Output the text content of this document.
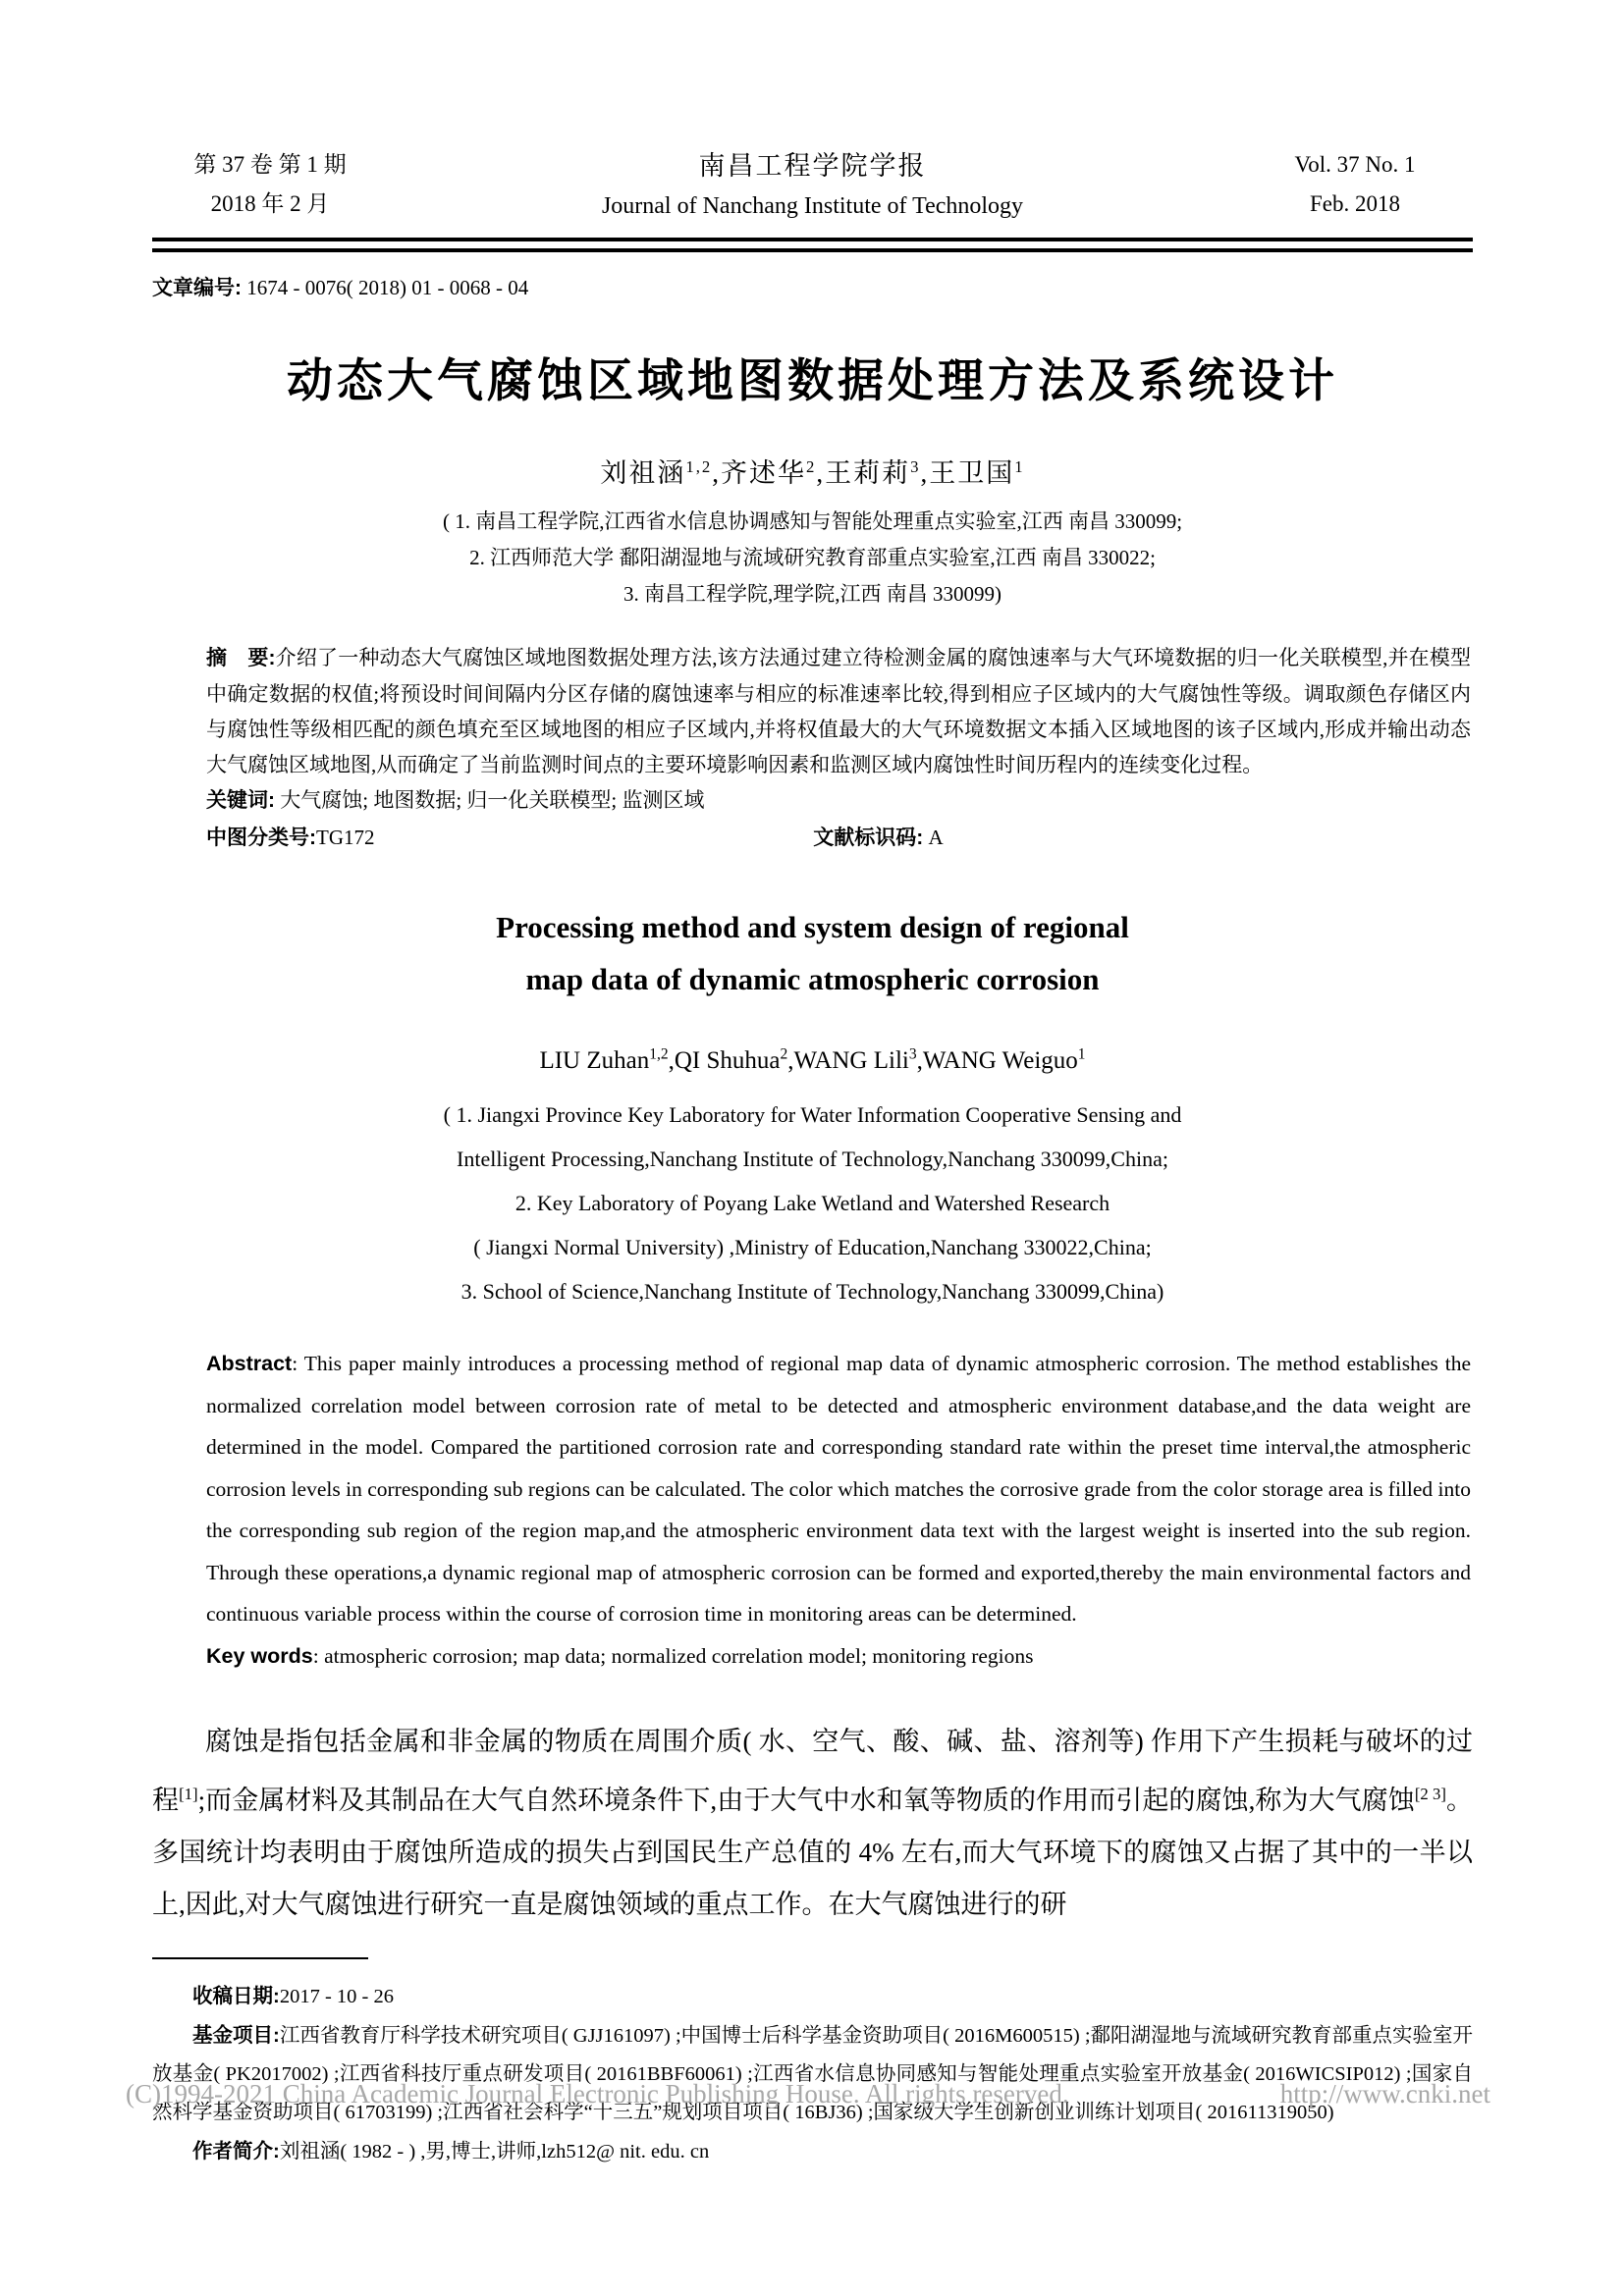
第 37 卷 第 1 期
2018 年 2 月
南昌工程学院学报
Journal of Nanchang Institute of Technology
Vol. 37 No. 1
Feb. 2018
文章编号: 1674 - 0076( 2018) 01 - 0068 - 04
动态大气腐蚀区域地图数据处理方法及系统设计
刘祖涵$^{1,2}$,齐述华$^2$,王莉莉$^3$,王卫国$^1$
( 1. 南昌工程学院,江西省水信息协调感知与智能处理重点实验室,江西 南昌 330099;
2. 江西师范大学 鄱阳湖湿地与流域研究教育部重点实验室,江西 南昌 330022;
3. 南昌工程学院,理学院,江西 南昌 330099)
摘　要:介绍了一种动态大气腐蚀区域地图数据处理方法,该方法通过建立待检测金属的腐蚀速率与大气环境数据的归一化关联模型,并在模型中确定数据的权值;将预设时间间隔内分区存储的腐蚀速率与相应的标准速率比较,得到相应子区域内的大气腐蚀性等级。调取颜色存储区内与腐蚀性等级相匹配的颜色填充至区域地图的相应子区域内,并将权值最大的大气环境数据文本插入区域地图的该子区域内,形成并输出动态大气腐蚀区域地图,从而确定了当前监测时间点的主要环境影响因素和监测区域内腐蚀性时间历程内的连续变化过程。
关键词: 大气腐蚀; 地图数据; 归一化关联模型; 监测区域
中图分类号:TG172	文献标识码: A
Processing method and system design of regional
map data of dynamic atmospheric corrosion
LIU Zuhan$^{1,2}$,QI Shuhua$^2$,WANG Lili$^3$,WANG Weiguo$^1$
( 1. Jiangxi Province Key Laboratory for Water Information Cooperative Sensing and
Intelligent Processing,Nanchang Institute of Technology,Nanchang 330099,China;
2. Key Laboratory of Poyang Lake Wetland and Watershed Research
( Jiangxi Normal University) ,Ministry of Education,Nanchang 330022,China;
3. School of Science,Nanchang Institute of Technology,Nanchang 330099,China)
Abstract: This paper mainly introduces a processing method of regional map data of dynamic atmospheric corrosion. The method establishes the normalized correlation model between corrosion rate of metal to be detected and atmospheric environment database,and the data weight are determined in the model. Compared the partitioned corrosion rate and corresponding standard rate within the preset time interval,the atmospheric corrosion levels in corresponding sub regions can be calculated. The color which matches the corrosive grade from the color storage area is filled into the corresponding sub region of the region map,and the atmospheric environment data text with the largest weight is inserted into the sub region. Through these operations,a dynamic regional map of atmospheric corrosion can be formed and exported,thereby the main environmental factors and continuous variable process within the course of corrosion time in monitoring areas can be determined.
Key words: atmospheric corrosion; map data; normalized correlation model; monitoring regions

腐蚀是指包括金属和非金属的物质在周围介质( 水、空气、酸、碱、盐、溶剂等) 作用下产生损耗与破坏的过程[1];而金属材料及其制品在大气自然环境条件下,由于大气中水和氧等物质的作用而引起的腐蚀,称为大气腐蚀[2 3]。多国统计均表明由于腐蚀所造成的损失占到国民生产总值的 4% 左右,而大气环境下的腐蚀又占据了其中的一半以上,因此,对大气腐蚀进行研究一直是腐蚀领域的重点工作。在大气腐蚀进行的研

收稿日期:2017 - 10 - 26

基金项目:江西省教育厅科学技术研究项目( GJJ161097) ;中国博士后科学基金资助项目( 2016M600515) ;鄱阳湖湿地与流域研究教育部重点实验室开放基金( PK2017002) ;江西省科技厅重点研发项目( 20161BBF60061) ;江西省水信息协同感知与智能处理重点实验室开放基金( 2016WICSIP012) ;国家自然科学基金资助项目( 61703199) ;江西省社会科学“十三五”规划项目项目( 16BJ36) ;国家级大学生创新创业训练计划项目( 201611319050)

作者简介:刘祖涵( 1982 - ) ,男,博士,讲师,lzh512@ nit. edu. cn

(C)1994-2021 China Academic Journal Electronic Publishing House. All rights reserved.	http://www.cnki.net
